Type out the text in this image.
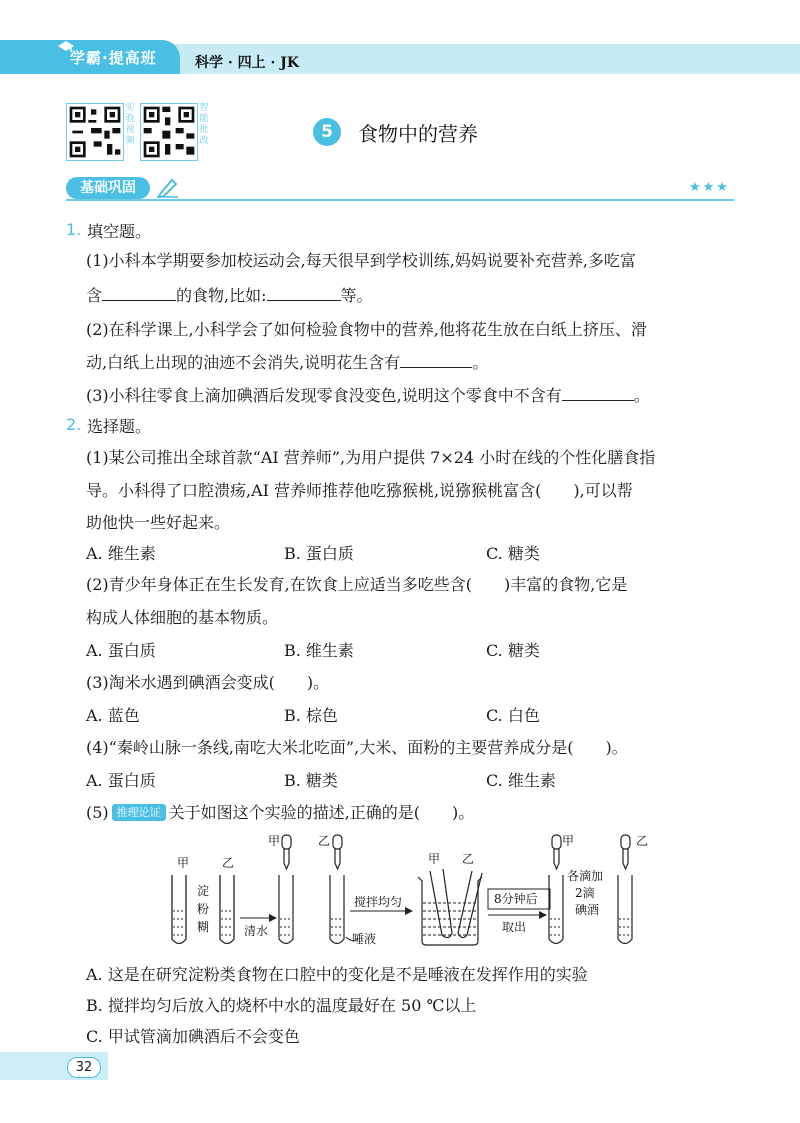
学霸·提高班	科学 · 四上 · JK
实验视频
智能批改	5	食物中的营养
基础巩固	★★★
1. 填空题。
(1)小科本学期要参加校运动会,每天很早到学校训练,妈妈说要补充营养,多吃富
含	的食物,比如:	等。
(2)在科学课上,小科学会了如何检验食物中的营养,他将花生放在白纸上挤压、滑
动,白纸上出现的油迹不会消失,说明花生含有	。
(3)小科往零食上滴加碘酒后发现零食没变色,说明这个零食中不含有	。
2. 选择题。
(1)某公司推出全球首款“AI 营养师”,为用户提供 7×24 小时在线的个性化膳食指
导。小科得了口腔溃疡,AI 营养师推荐他吃猕猴桃,说猕猴桃富含(　　),可以帮
助他快一些好起来。
A. 维生素	B. 蛋白质	C. 糖类
(2)青少年身体正在生长发育,在饮食上应适当多吃些含(　　)丰富的食物,它是
构成人体细胞的基本物质。
A. 蛋白质	B. 维生素	C. 糖类
(3)淘米水遇到碘酒会变成(　　)。
A. 蓝色	B. 棕色	C. 白色
(4)“秦岭山脉一条线,南吃大米北吃面”,大米、面粉的主要营养成分是(　　)。
A. 蛋白质	B. 糖类	C. 维生素
(5) 推理论证 关于如图这个实验的描述,正确的是(　　)。
甲	乙
淀
粉
糊
甲
清水
乙
唾液
搅拌均匀
甲 乙
8分钟后
取出
甲
各滴加
2滴
碘酒
乙
A. 这是在研究淀粉类食物在口腔中的变化是不是唾液在发挥作用的实验
B. 搅拌均匀后放入的烧杯中水的温度最好在 50 ℃以上
C. 甲试管滴加碘酒后不会变色
32
